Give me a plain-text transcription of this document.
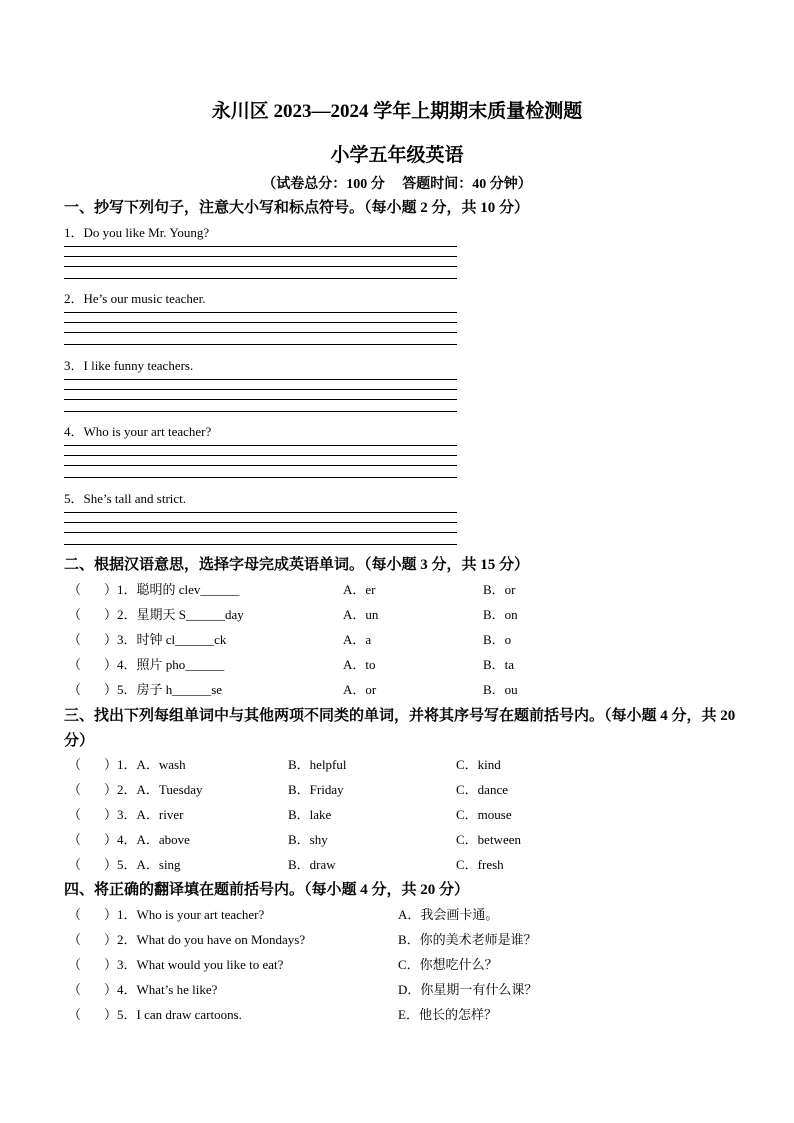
永川区 2023—2024 学年上期期末质量检测题
小学五年级英语
（试卷总分：100 分　 答题时间：40 分钟）
一、抄写下列句子，注意大小写和标点符号。（每小题 2 分，共 10 分）
1．Do you like Mr. Young?
2．He’s our music teacher.
3．I like funny teachers.
4．Who is your art teacher?
5．She’s tall and strict.
二、根据汉语意思，选择字母完成英语单词。（每小题 3 分，共 15 分）
（ ）1．聪明的 clev______	A．er	B．or
（ ）2．星期天 S______day	A．un	B．on
（ ）3．时钟 cl______ck	A．a	B．o
（ ）4．照片 pho______	A．to	B．ta
（ ）5．房子 h______se	A．or	B．ou
三、找出下列每组单词中与其他两项不同类的单词，并将其序号写在题前括号内。（每小题 4 分，共 20 分）
（ ）1．A．wash	B．helpful	C．kind
（ ）2．A．Tuesday	B．Friday	C．dance
（ ）3．A．river	B．lake	C．mouse
（ ）4．A．above	B．shy	C．between
（ ）5．A．sing	B．draw	C．fresh
四、将正确的翻译填在题前括号内。（每小题 4 分，共 20 分）
（ ）1．Who is your art teacher?	A．我会画卡通。
（ ）2．What do you have on Mondays?	B．你的美术老师是谁？
（ ）3．What would you like to eat?	C．你想吃什么？
（ ）4．What’s he like?	D．你星期一有什么课？
（ ）5．I can draw cartoons.	E．他长的怎样？
